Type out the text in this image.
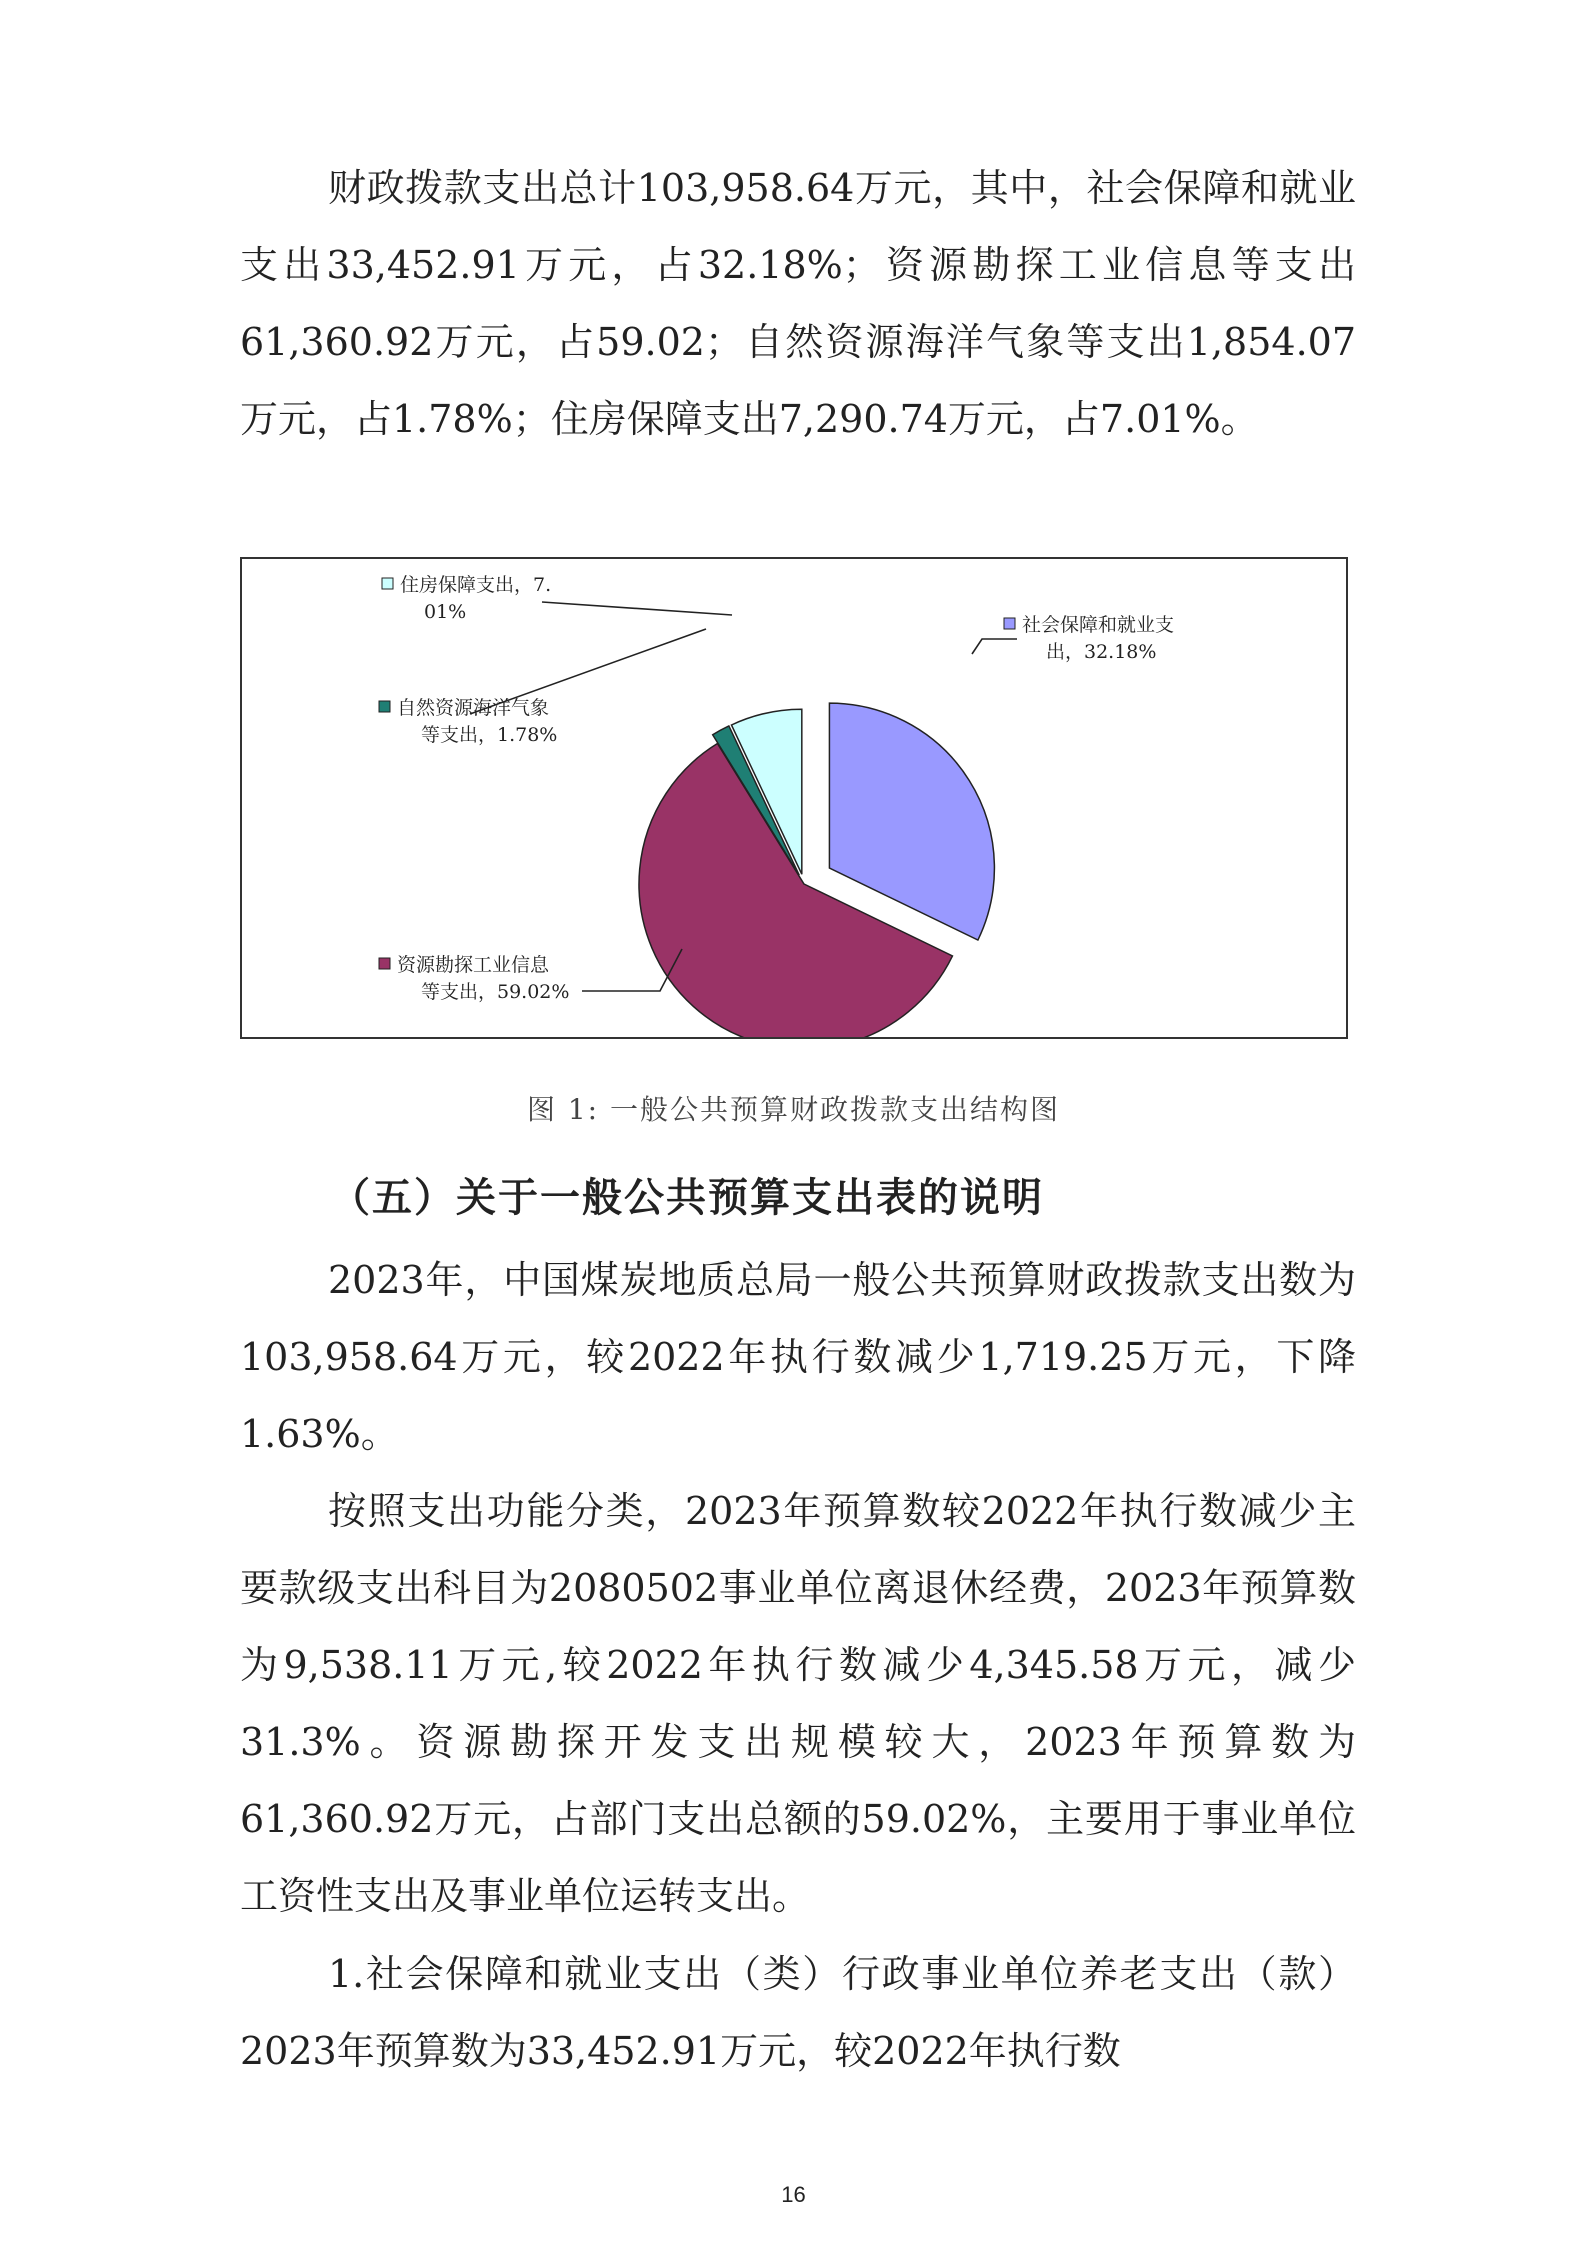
财政拨款支出总计103,958.64万元，其中，社会保障和就业支出33,452.91万元，占32.18%；资源勘探工业信息等支出61,360.92万元，占59.02；自然资源海洋气象等支出1,854.07万元，占1.78%；住房保障支出7,290.74万元，占7.01%。

社会保障和就业支
出，32.18%
资源勘探工业信息
等支出，59.02%
自然资源海洋气象
等支出，1.78%
住房保障支出，7.
01%
图 1: 一般公共预算财政拨款支出结构图
（五）关于一般公共预算支出表的说明

2023年，中国煤炭地质总局一般公共预算财政拨款支出数为103,958.64万元，较2022年执行数减少1,719.25万元，下降1.63%。

按照支出功能分类，2023年预算数较2022年执行数减少主要款级支出科目为2080502事业单位离退休经费，2023年预算数为9,538.11万元,较2022年执行数减少4,345.58万元，减少31.3%。资源勘探开发支出规模较大，2023年预算数为61,360.92万元，占部门支出总额的59.02%，主要用于事业单位工资性支出及事业单位运转支出。

1.社会保障和就业支出（类）行政事业单位养老支出（款）2023年预算数为33,452.91万元，较2022年执行数

16
